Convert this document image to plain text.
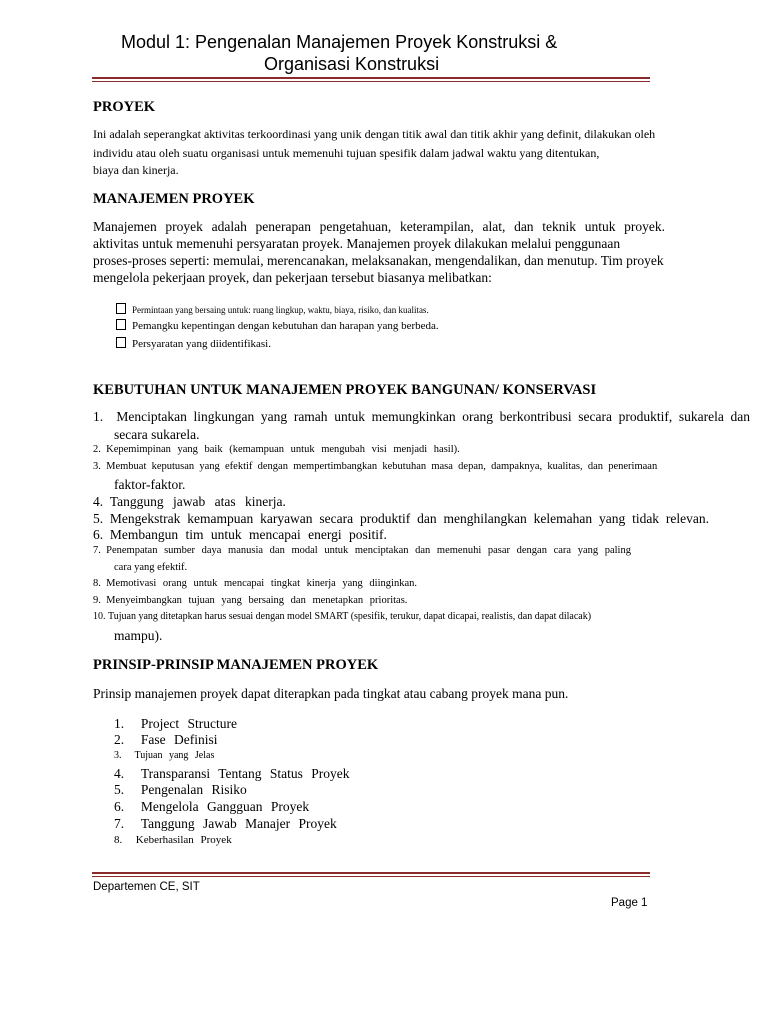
Modul 1: Pengenalan Manajemen Proyek Konstruksi &
Organisasi Konstruksi
PROYEK
Ini adalah seperangkat aktivitas terkoordinasi yang unik dengan titik awal dan titik akhir yang definit, dilakukan oleh
individu atau oleh suatu organisasi untuk memenuhi tujuan spesifik dalam jadwal waktu yang ditentukan,
biaya dan kinerja.
MANAJEMEN PROYEK
Manajemen proyek adalah penerapan pengetahuan, keterampilan, alat, dan teknik untuk proyek.
aktivitas untuk memenuhi persyaratan proyek. Manajemen proyek dilakukan melalui penggunaan
proses-proses seperti: memulai, merencanakan, melaksanakan, mengendalikan, dan menutup. Tim proyek
mengelola pekerjaan proyek, dan pekerjaan tersebut biasanya melibatkan:
Permintaan yang bersaing untuk: ruang lingkup, waktu, biaya, risiko, dan kualitas.
Pemangku kepentingan dengan kebutuhan dan harapan yang berbeda.
Persyaratan yang diidentifikasi.
KEBUTUHAN UNTUK MANAJEMEN PROYEK BANGUNAN/ KONSERVASI
1. Menciptakan lingkungan yang ramah untuk memungkinkan orang berkontribusi secara produktif, sukarela dan
secara sukarela.
2. Kepemimpinan yang baik (kemampuan untuk mengubah visi menjadi hasil).
3. Membuat keputusan yang efektif dengan mempertimbangkan kebutuhan masa depan, dampaknya, kualitas, dan penerimaan
faktor-faktor.
4. Tanggung jawab atas kinerja.
5. Mengekstrak kemampuan karyawan secara produktif dan menghilangkan kelemahan yang tidak relevan.
6. Membangun tim untuk mencapai energi positif.
7. Penempatan sumber daya manusia dan modal untuk menciptakan dan memenuhi pasar dengan cara yang paling
cara yang efektif.
8. Memotivasi orang untuk mencapai tingkat kinerja yang diinginkan.
9. Menyeimbangkan tujuan yang bersaing dan menetapkan prioritas.
10. Tujuan yang ditetapkan harus sesuai dengan model SMART (spesifik, terukur, dapat dicapai, realistis, dan dapat dilacak)
mampu).
PRINSIP-PRINSIP MANAJEMEN PROYEK
Prinsip manajemen proyek dapat diterapkan pada tingkat atau cabang proyek mana pun.
1. Project Structure
2. Fase Definisi
3. Tujuan yang Jelas
4. Transparansi Tentang Status Proyek
5. Pengenalan Risiko
6. Mengelola Gangguan Proyek
7. Tanggung Jawab Manajer Proyek
8. Keberhasilan Proyek
Departemen CE, SIT
Page 1
